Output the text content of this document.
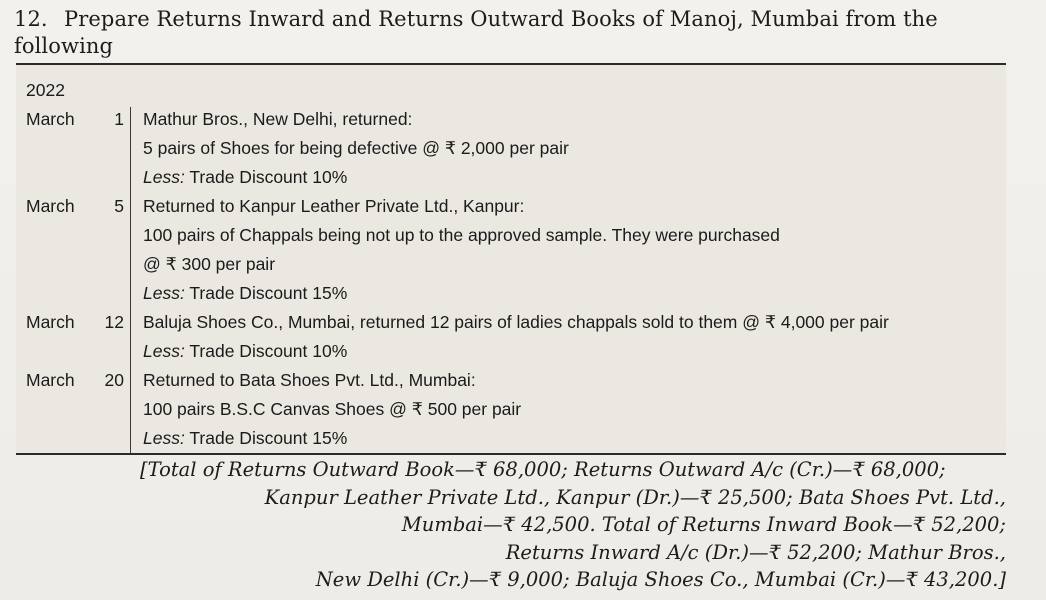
12. Prepare Returns Inward and Returns Outward Books of Manoj, Mumbai from the following
2022
March	1 Mathur Bros., New Delhi, returned:
5 pairs of Shoes for being defective @ ₹ 2,000 per pair
Less: Trade Discount 10%
March	5 Returned to Kanpur Leather Private Ltd., Kanpur:
100 pairs of Chappals being not up to the approved sample. They were purchased
@ ₹ 300 per pair
Less: Trade Discount 15%
March	12 Baluja Shoes Co., Mumbai, returned 12 pairs of ladies chappals sold to them @ ₹ 4,000 per pair
Less: Trade Discount 10%
March	20 Returned to Bata Shoes Pvt. Ltd., Mumbai:
100 pairs B.S.C Canvas Shoes @ ₹ 500 per pair
Less: Trade Discount 15%
[Total of Returns Outward Book—₹ 68,000; Returns Outward A/c (Cr.)—₹ 68,000;
Kanpur Leather Private Ltd., Kanpur (Dr.)—₹ 25,500; Bata Shoes Pvt. Ltd.,
Mumbai—₹ 42,500. Total of Returns Inward Book—₹ 52,200;
Returns Inward A/c (Dr.)—₹ 52,200; Mathur Bros.,
New Delhi (Cr.)—₹ 9,000; Baluja Shoes Co., Mumbai (Cr.)—₹ 43,200.]
